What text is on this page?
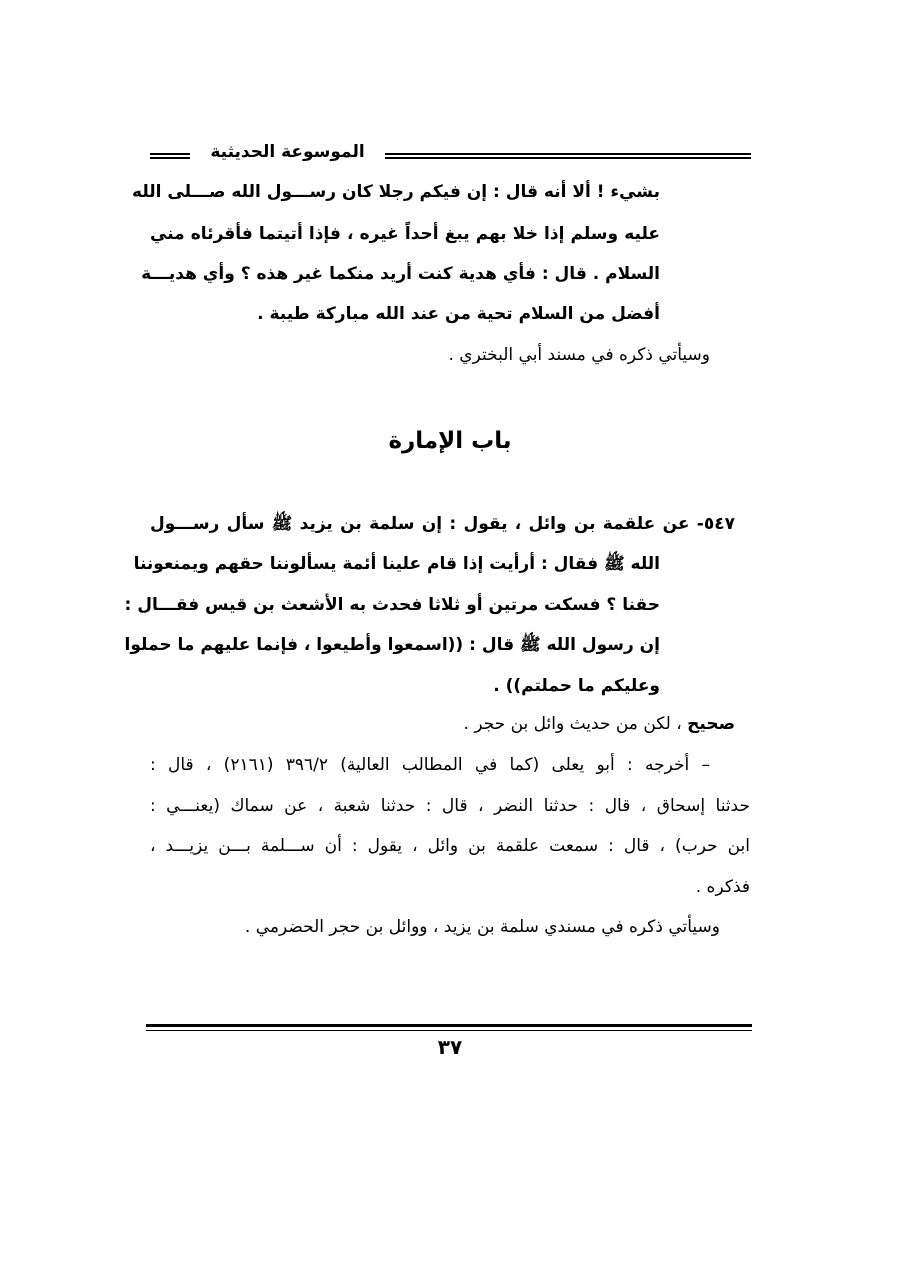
الموسوعة الحديثية
بشيء ! ألا أنه قال : إن فيكم رجلا كان رســـول الله صـــلى الله
عليه وسلم إذا خلا بهم يبغ أحداً غيره ، فإذا أتيتما فأقرئاه مني
السلام . قال : فأي هدية كنت أريد منكما غير هذه ؟ وأي هديـــة
أفضل من السلام تحية من عند الله مباركة طيبة .
وسيأتي ذكره في مسند أبي البختري .
باب الإمارة
٥٤٧- عن علقمة بن وائل ، يقول : إن سلمة بن يزيد ﷺ سأل رســـول
الله ﷺ فقال : أرأيت إذا قام علينا أئمة يسألوننا حقهم ويمنعوننا
حقنا ؟ فسكت مرتين أو ثلاثا فحدث به الأشعث بن قيس فقـــال :
إن رسول الله ﷺ قال : ((اسمعوا وأطيعوا ، فإنما عليهم ما حملوا
وعليكم ما حملتم)) .
صحيح ، لكن من حديث وائل بن حجر .
– أخرجه : أبو يعلى (كما في المطالب العالية) ٣٩٦/٢ (٢١٦١) ، قال :
حدثنا إسحاق ، قال : حدثنا النضر ، قال : حدثنا شعبة ، عن سماك (يعنـــي :
ابن حرب) ، قال : سمعت علقمة بن وائل ، يقول : أن ســـلمة بـــن يزيـــد ،
فذكره .
وسيأتي ذكره في مسندي سلمة بن يزيد ، ووائل بن حجر الحضرمي .
٣٧
